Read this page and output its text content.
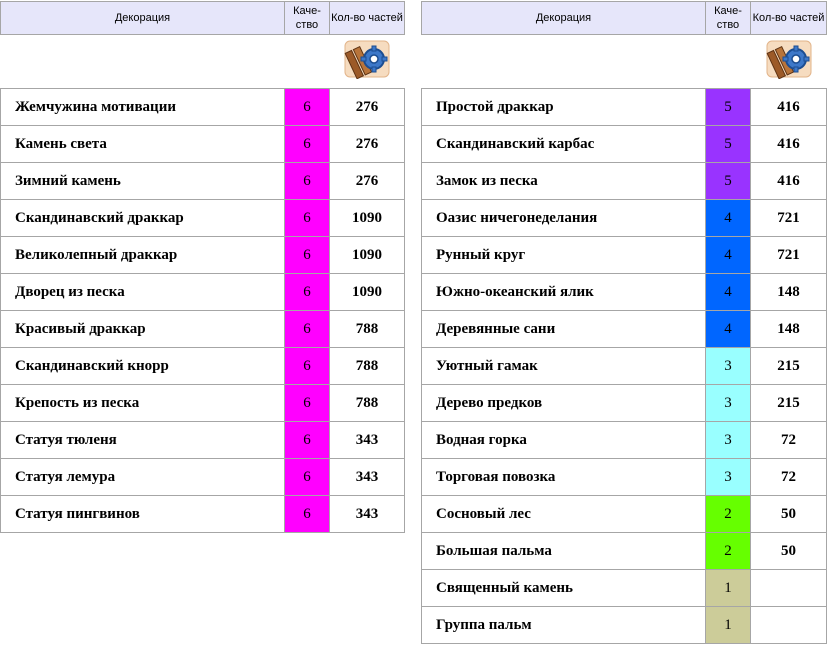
Декорация	Каче-ство	Кол-во частей

Жемчужина мотивации	6	276
Камень света	6	276
Зимний камень	6	276
Скандинавский драккар	6	1090
Великолепный драккар	6	1090
Дворец из песка	6	1090
Красивый драккар	6	788
Скандинавский кнорр	6	788
Крепость из песка	6	788
Статуя тюленя	6	343
Статуя лемура	6	343
Статуя пингвинов	6	343
Декорация	Каче-ство	Кол-во частей

Простой драккар	5	416
Скандинавский карбас	5	416
Замок из песка	5	416
Оазис ничегонеделания	4	721
Рунный круг	4	721
Южно-океанский ялик	4	148
Деревянные сани	4	148
Уютный гамак	3	215
Дерево предков	3	215
Водная горка	3	72
Торговая повозка	3	72
Сосновый лес	2	50
Большая пальма	2	50
Священный камень	1	
Группа пальм	1	
